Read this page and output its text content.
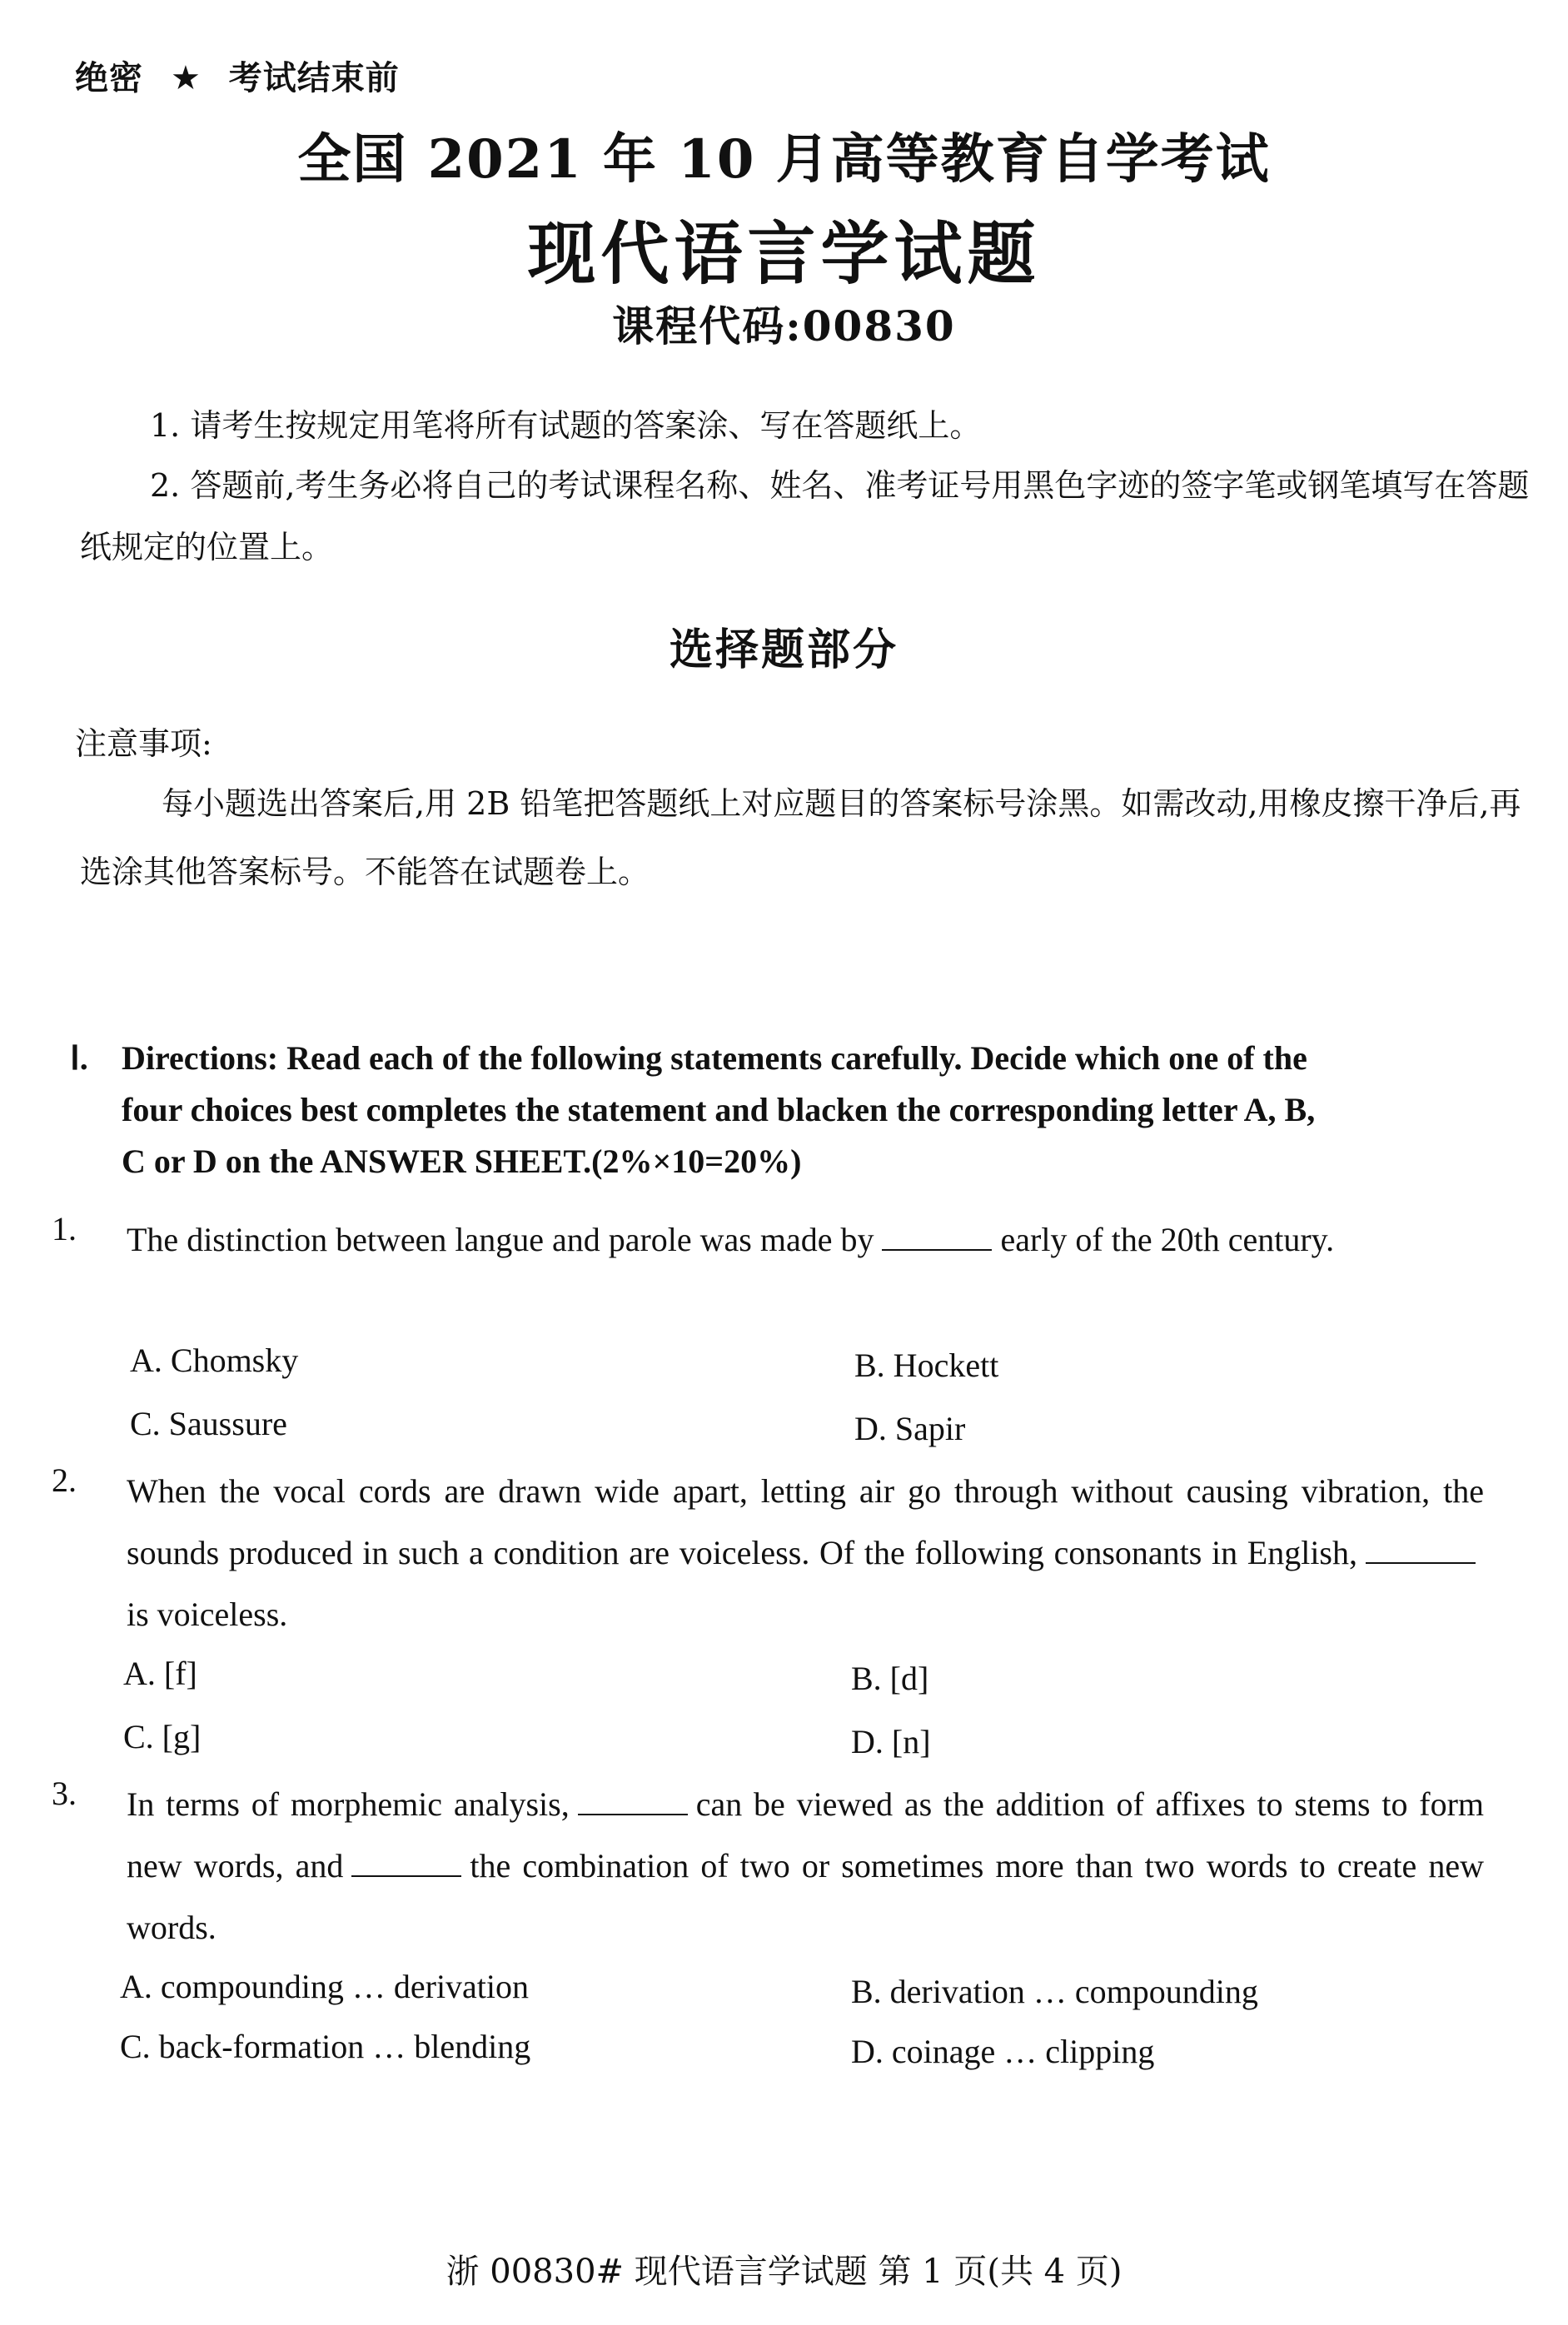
绝密 ★ 考试结束前
全国 2021 年 10 月高等教育自学考试
现代语言学试题
课程代码:00830

1. 请考生按规定用笔将所有试题的答案涂、写在答题纸上。

2. 答题前,考生务必将自己的考试课程名称、姓名、准考证号用黑色字迹的签字笔或钢笔填写在答题纸规定的位置上。

选择题部分
注意事项:

每小题选出答案后,用 2B 铅笔把答题纸上对应题目的答案标号涂黑。如需改动,用橡皮擦干净后,再选涂其他答案标号。不能答在试题卷上。

Ⅰ. Directions: Read each of the following statements carefully. Decide which one of the
four choices best completes the statement and blacken the corresponding letter A, B,
C or D on the ANSWER SHEET.(2%×10=20%)
1. The distinction between langue and parole was made by	early of the 20th century.
A. Chomsky	B. Hockett
C. Saussure	D. Sapir
2. When the vocal cords are drawn wide apart, letting air go through without causing vibration, the sounds produced in such a condition are voiceless. Of the following consonants in English,is voiceless.
A. [f]	B. [d]
C. [g]	D. [n]
3. In terms of morphemic analysis,	can be viewed as the addition of affixes to stems to form new words, and	the combination of two or sometimes more than two words to create new words.
A. compounding … derivation	B. derivation … compounding
C. back-formation … blending	D. coinage … clipping
浙 00830# 现代语言学试题 第 1 页(共 4 页)
